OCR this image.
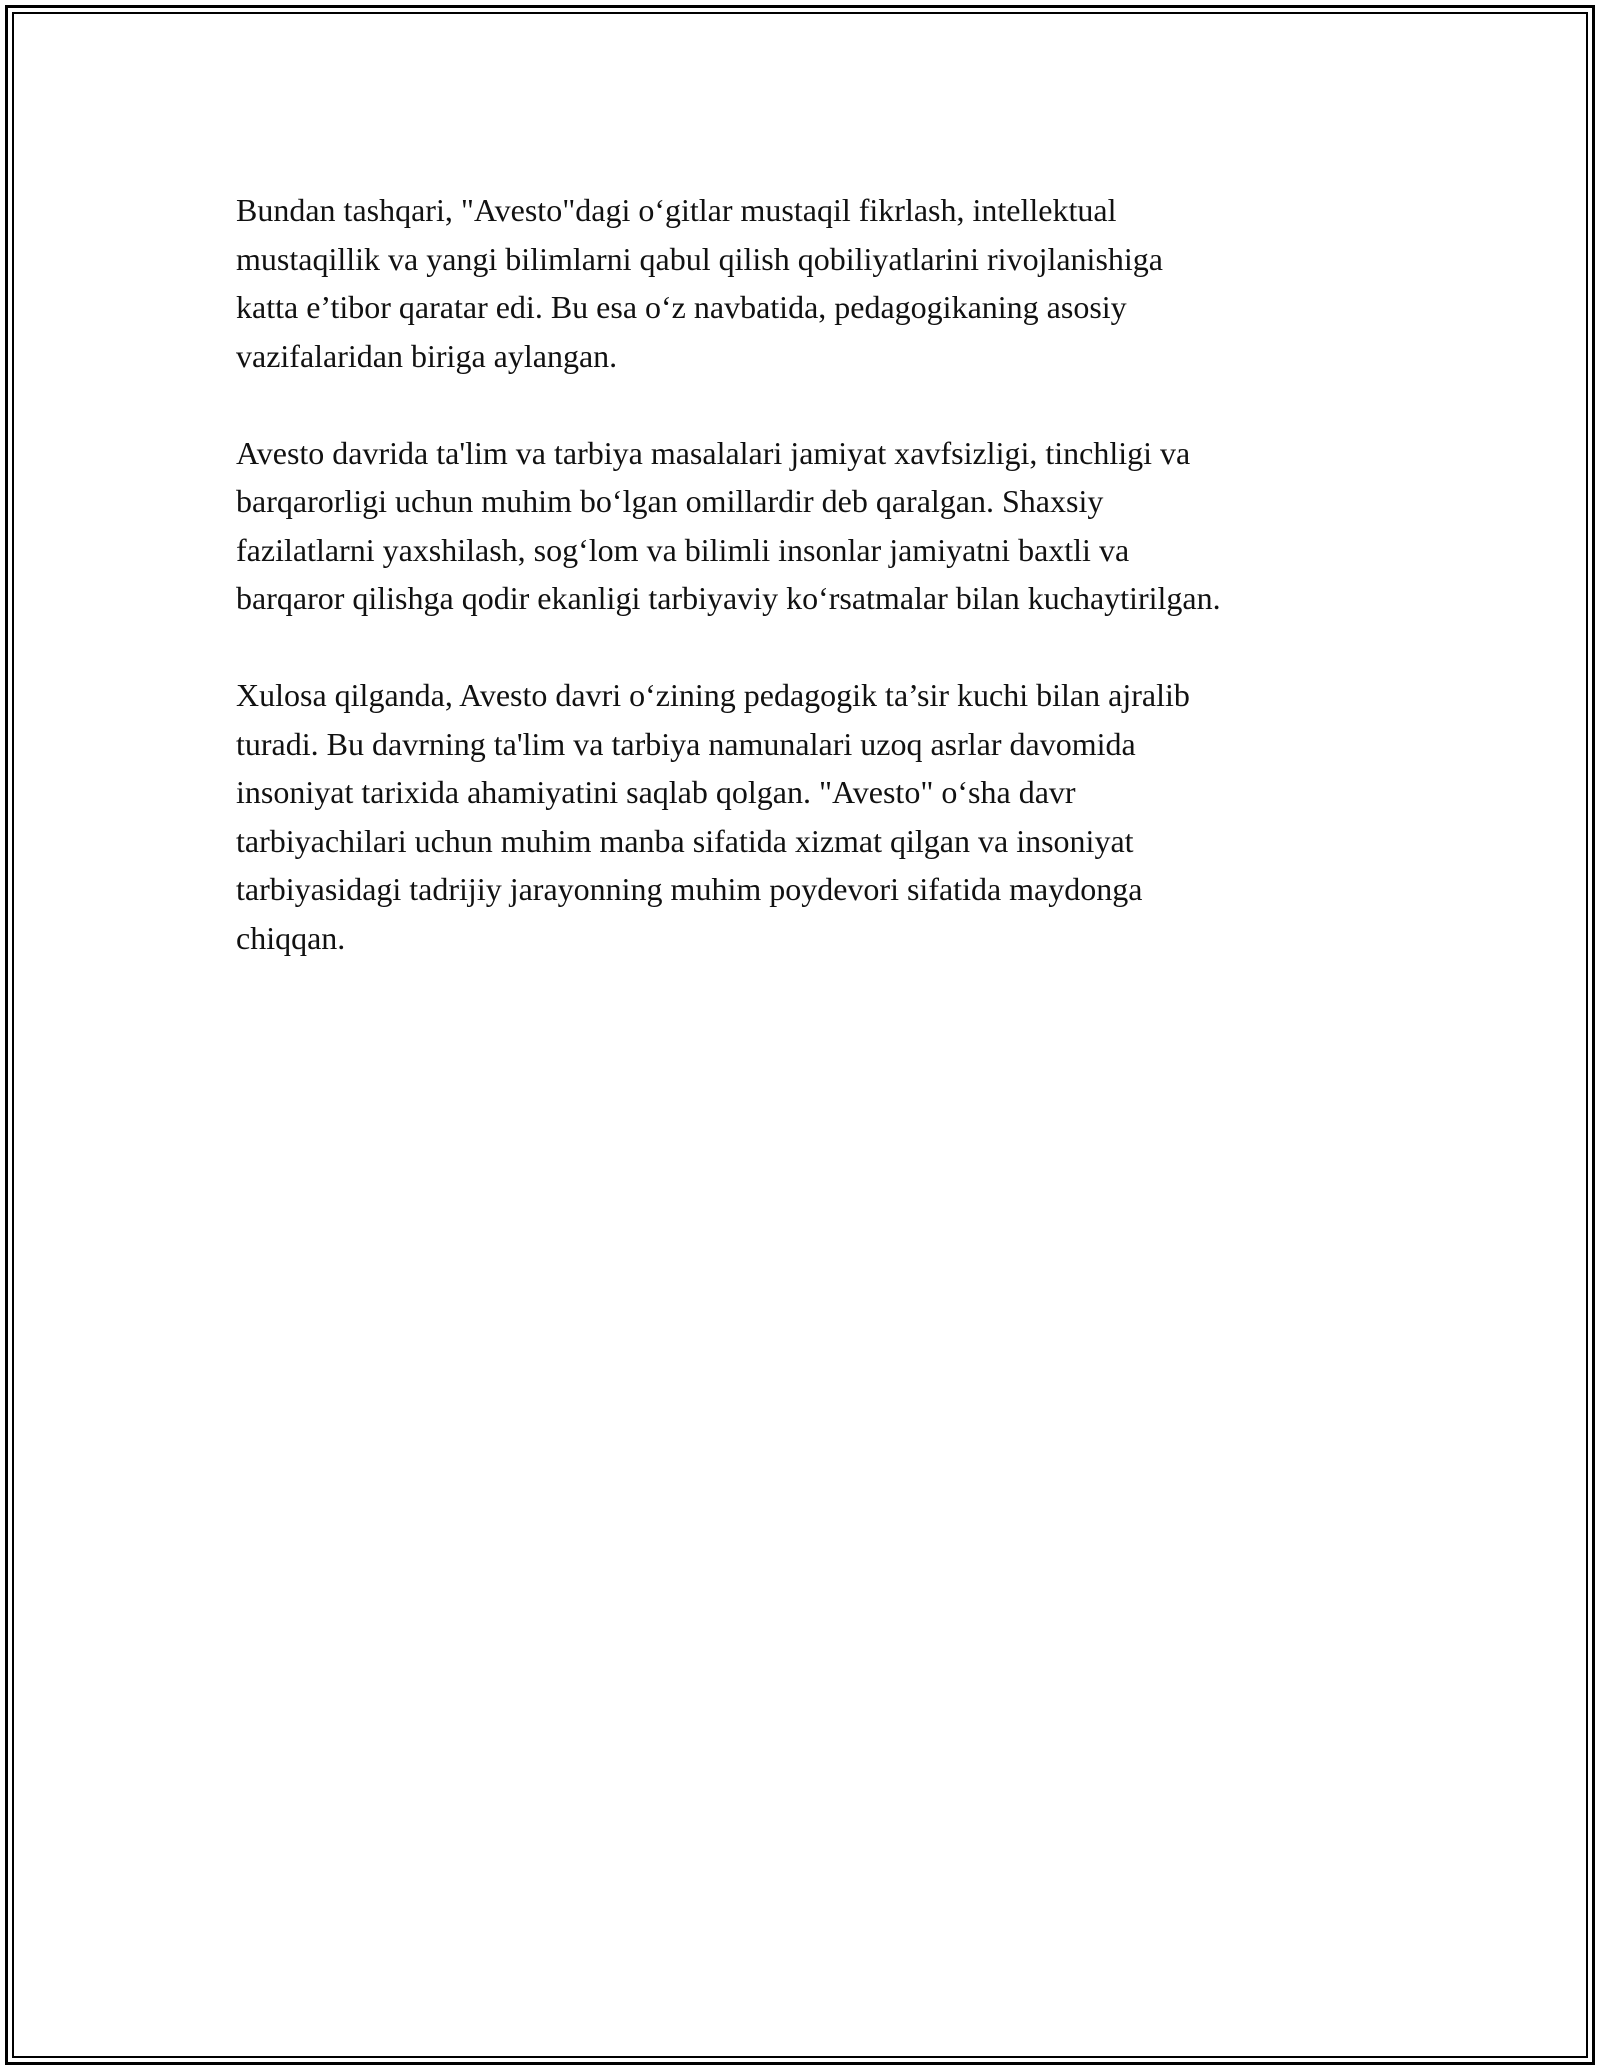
Bundan tashqari, "Avesto"dagi o‘gitlar mustaqil fikrlash, intellektual
mustaqillik va yangi bilimlarni qabul qilish qobiliyatlarini rivojlanishiga
katta e’tibor qaratar edi. Bu esa o‘z navbatida, pedagogikaning asosiy
vazifalaridan biriga aylangan.

Avesto davrida ta'lim va tarbiya masalalari jamiyat xavfsizligi, tinchligi va
barqarorligi uchun muhim bo‘lgan omillardir deb qaralgan. Shaxsiy
fazilatlarni yaxshilash, sog‘lom va bilimli insonlar jamiyatni baxtli va
barqaror qilishga qodir ekanligi tarbiyaviy ko‘rsatmalar bilan kuchaytirilgan.

Xulosa qilganda, Avesto davri o‘zining pedagogik ta’sir kuchi bilan ajralib
turadi. Bu davrning ta'lim va tarbiya namunalari uzoq asrlar davomida
insoniyat tarixida ahamiyatini saqlab qolgan. "Avesto" o‘sha davr
tarbiyachilari uchun muhim manba sifatida xizmat qilgan va insoniyat
tarbiyasidagi tadrijiy jarayonning muhim poydevori sifatida maydonga
chiqqan.
